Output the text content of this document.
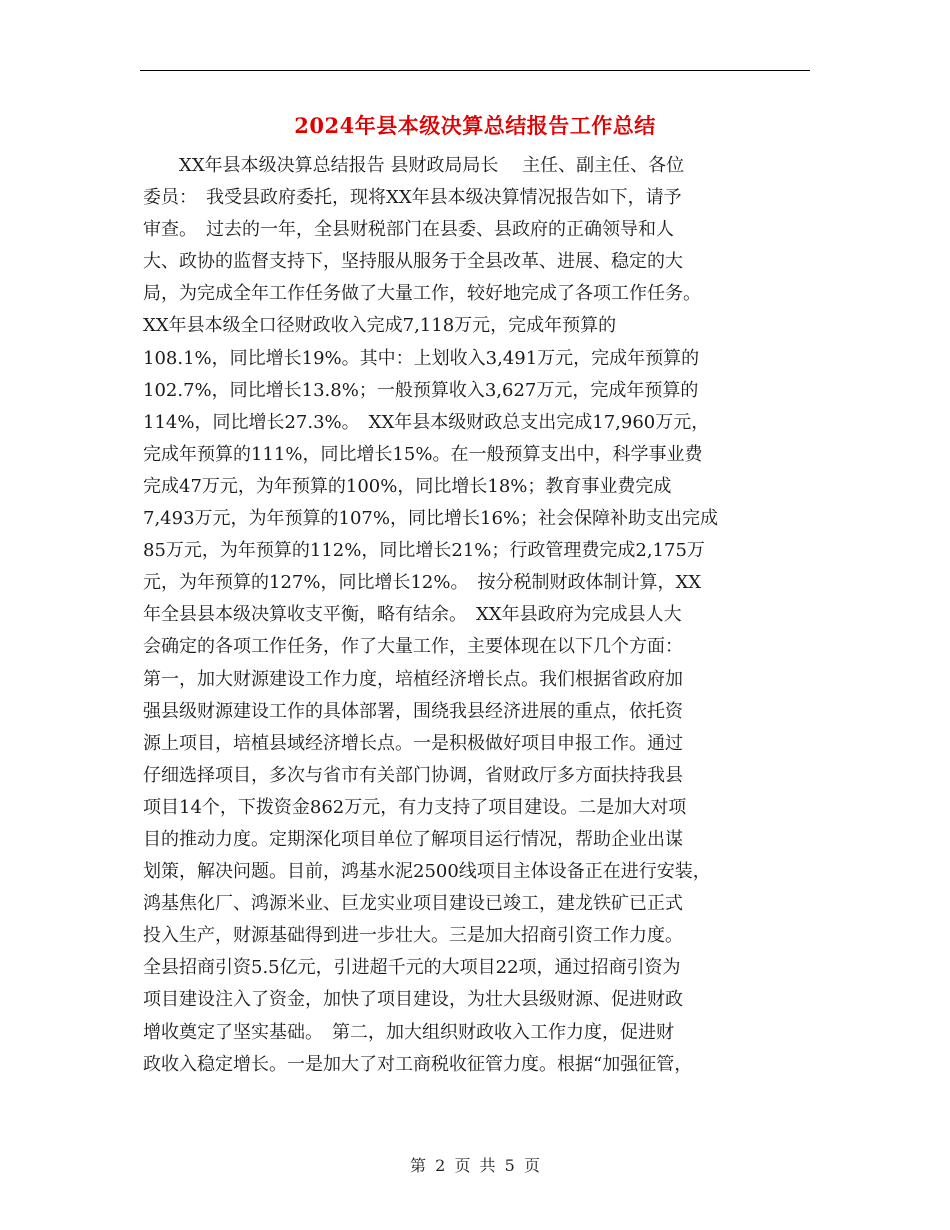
2024年县本级决算总结报告工作总结
　　XX年县本级决算总结报告 县财政局局长　 主任、副主任、各位
委员：　我受县政府委托，现将XX年县本级决算情况报告如下，请予
审查。　过去的一年，全县财税部门在县委、县政府的正确领导和人
大、政协的监督支持下，坚持服从服务于全县改革、进展、稳定的大
局，为完成全年工作任务做了大量工作，较好地完成了各项工作任务。
XX年县本级全口径财政收入完成7,118万元，完成年预算的
108.1%，同比增长19%。其中：上划收入3,491万元，完成年预算的
102.7%，同比增长13.8%；一般预算收入3,627万元，完成年预算的
114%，同比增长27.3%。　XX年县本级财政总支出完成17,960万元，
完成年预算的111%，同比增长15%。在一般预算支出中，科学事业费
完成47万元，为年预算的100%，同比增长18%；教育事业费完成
7,493万元，为年预算的107%，同比增长16%；社会保障补助支出完成
85万元，为年预算的112%，同比增长21%；行政管理费完成2,175万
元，为年预算的127%，同比增长12%。　按分税制财政体制计算，XX
年全县县本级决算收支平衡，略有结余。　XX年县政府为完成县人大
会确定的各项工作任务，作了大量工作，主要体现在以下几个方面：
第一，加大财源建设工作力度，培植经济增长点。我们根据省政府加
强县级财源建设工作的具体部署，围绕我县经济进展的重点，依托资
源上项目，培植县域经济增长点。一是积极做好项目申报工作。通过
仔细选择项目，多次与省市有关部门协调，省财政厅多方面扶持我县
项目14个，下拨资金862万元，有力支持了项目建设。二是加大对项
目的推动力度。定期深化项目单位了解项目运行情况，帮助企业出谋
划策，解决问题。目前，鸿基水泥2500线项目主体设备正在进行安装，
鸿基焦化厂、鸿源米业、巨龙实业项目建设已竣工，建龙铁矿已正式
投入生产，财源基础得到进一步壮大。三是加大招商引资工作力度。
全县招商引资5.5亿元，引进超千元的大项目22项，通过招商引资为
项目建设注入了资金，加快了项目建设，为壮大县级财源、促进财政
增收奠定了坚实基础。　第二，加大组织财政收入工作力度，促进财
政收入稳定增长。一是加大了对工商税收征管力度。根据“加强征管，
第 2 页 共 5 页
